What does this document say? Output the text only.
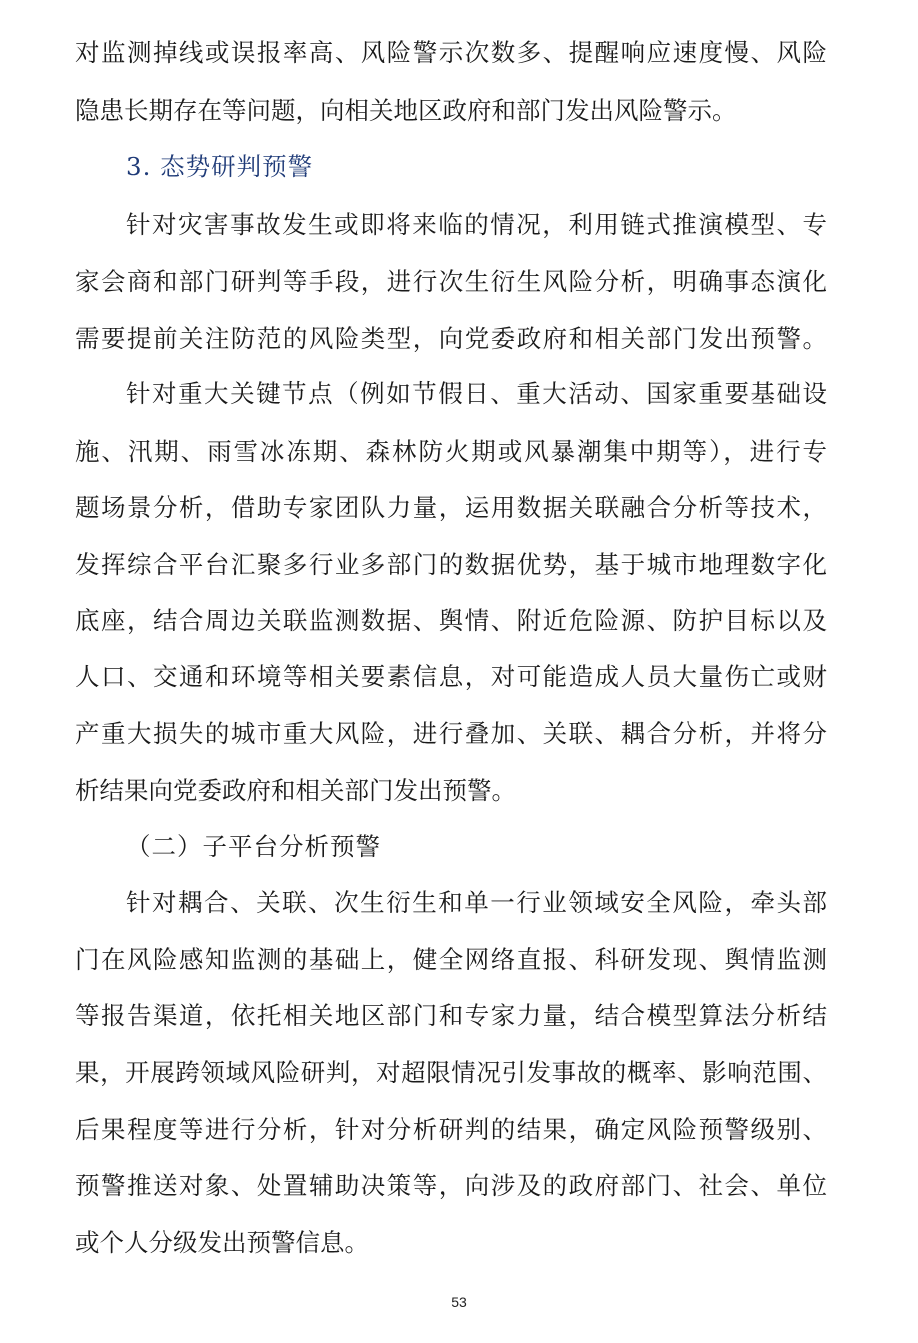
对监测掉线或误报率高、风险警示次数多、提醒响应速度慢、风险
隐患长期存在等问题，向相关地区政府和部门发出风险警示。
3. 态势研判预警
针对灾害事故发生或即将来临的情况，利用链式推演模型、专
家会商和部门研判等手段，进行次生衍生风险分析，明确事态演化
需要提前关注防范的风险类型，向党委政府和相关部门发出预警。
针对重大关键节点（例如节假日、重大活动、国家重要基础设
施、汛期、雨雪冰冻期、森林防火期或风暴潮集中期等），进行专
题场景分析，借助专家团队力量，运用数据关联融合分析等技术，
发挥综合平台汇聚多行业多部门的数据优势，基于城市地理数字化
底座，结合周边关联监测数据、舆情、附近危险源、防护目标以及
人口、交通和环境等相关要素信息，对可能造成人员大量伤亡或财
产重大损失的城市重大风险，进行叠加、关联、耦合分析，并将分
析结果向党委政府和相关部门发出预警。
（二）子平台分析预警
针对耦合、关联、次生衍生和单一行业领域安全风险，牵头部
门在风险感知监测的基础上，健全网络直报、科研发现、舆情监测
等报告渠道，依托相关地区部门和专家力量，结合模型算法分析结
果，开展跨领域风险研判，对超限情况引发事故的概率、影响范围、
后果程度等进行分析，针对分析研判的结果，确定风险预警级别、
预警推送对象、处置辅助决策等，向涉及的政府部门、社会、单位
或个人分级发出预警信息。
53
